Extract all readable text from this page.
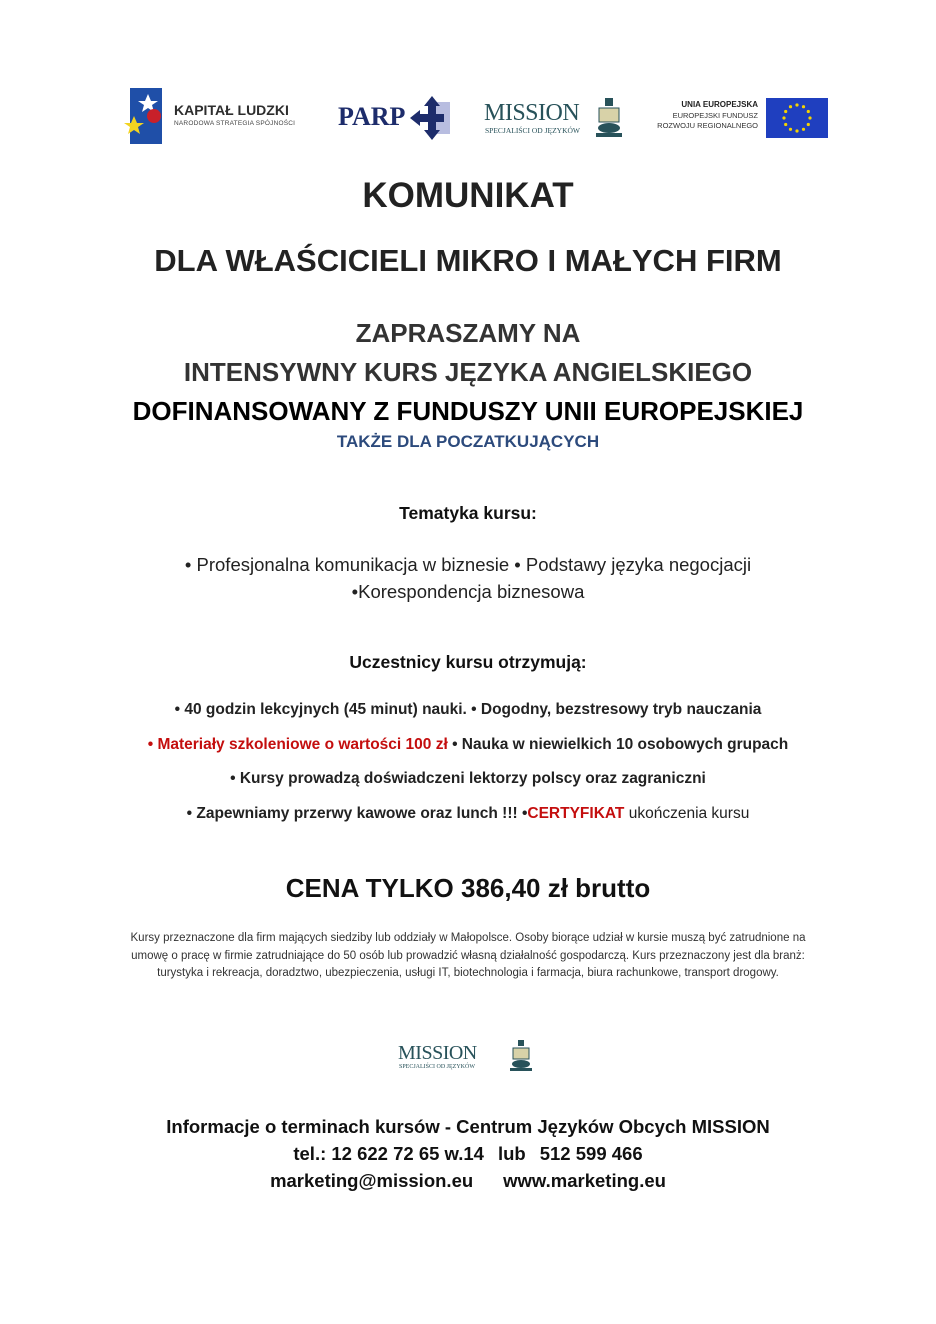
KAPITAŁ LUDZKI
NARODOWA STRATEGIA SPÓJNOŚCI PARP	MISSION
SPECJALIŚCI OD JĘZYKÓW
UNIA EUROPEJSKA
EUROPEJSKI FUNDUSZ
ROZWOJU REGIONALNEGO
KOMUNIKAT
DLA WŁAŚCICIELI MIKRO I MAŁYCH FIRM
ZAPRASZAMY NA
INTENSYWNY KURS JĘZYKA ANGIELSKIEGO
DOFINANSOWANY Z FUNDUSZY UNII EUROPEJSKIEJ
TAKŻE DLA POCZATKUJĄCYCH
Tematyka kursu:
• Profesjonalna komunikacja w biznesie • Podstawy języka negocjacji
•Korespondencja biznesowa
Uczestnicy kursu otrzymują:
• 40 godzin lekcyjnych (45 minut) nauki. • Dogodny, bezstresowy tryb nauczania
• Materiały szkoleniowe o wartości 100 zł • Nauka w niewielkich 10 osobowych grupach
• Kursy prowadzą doświadczeni lektorzy polscy oraz zagraniczni
• Zapewniamy przerwy kawowe oraz lunch !!! •CERTYFIKAT ukończenia kursu
CENA TYLKO 386,40 zł brutto
Kursy przeznaczone dla firm mających siedziby lub oddziały w Małopolsce. Osoby biorące udział w kursie muszą być zatrudnione na umowę o pracę w firmie zatrudniające do 50 osób lub prowadzić własną działalność gospodarczą. Kurs przeznaczony jest dla branż: turystyka i rekreacja, doradztwo, ubezpieczenia, usługi IT, biotechnologia i farmacja, biura rachunkowe, transport drogowy.
MISSION
SPECJALIŚCI OD JĘZYKÓW
Informacje o terminach kursów - Centrum Języków Obcych MISSION
tel.: 12 622 72 65 w.14 lub 512 599 466
marketing@mission.eu www.marketing.eu
